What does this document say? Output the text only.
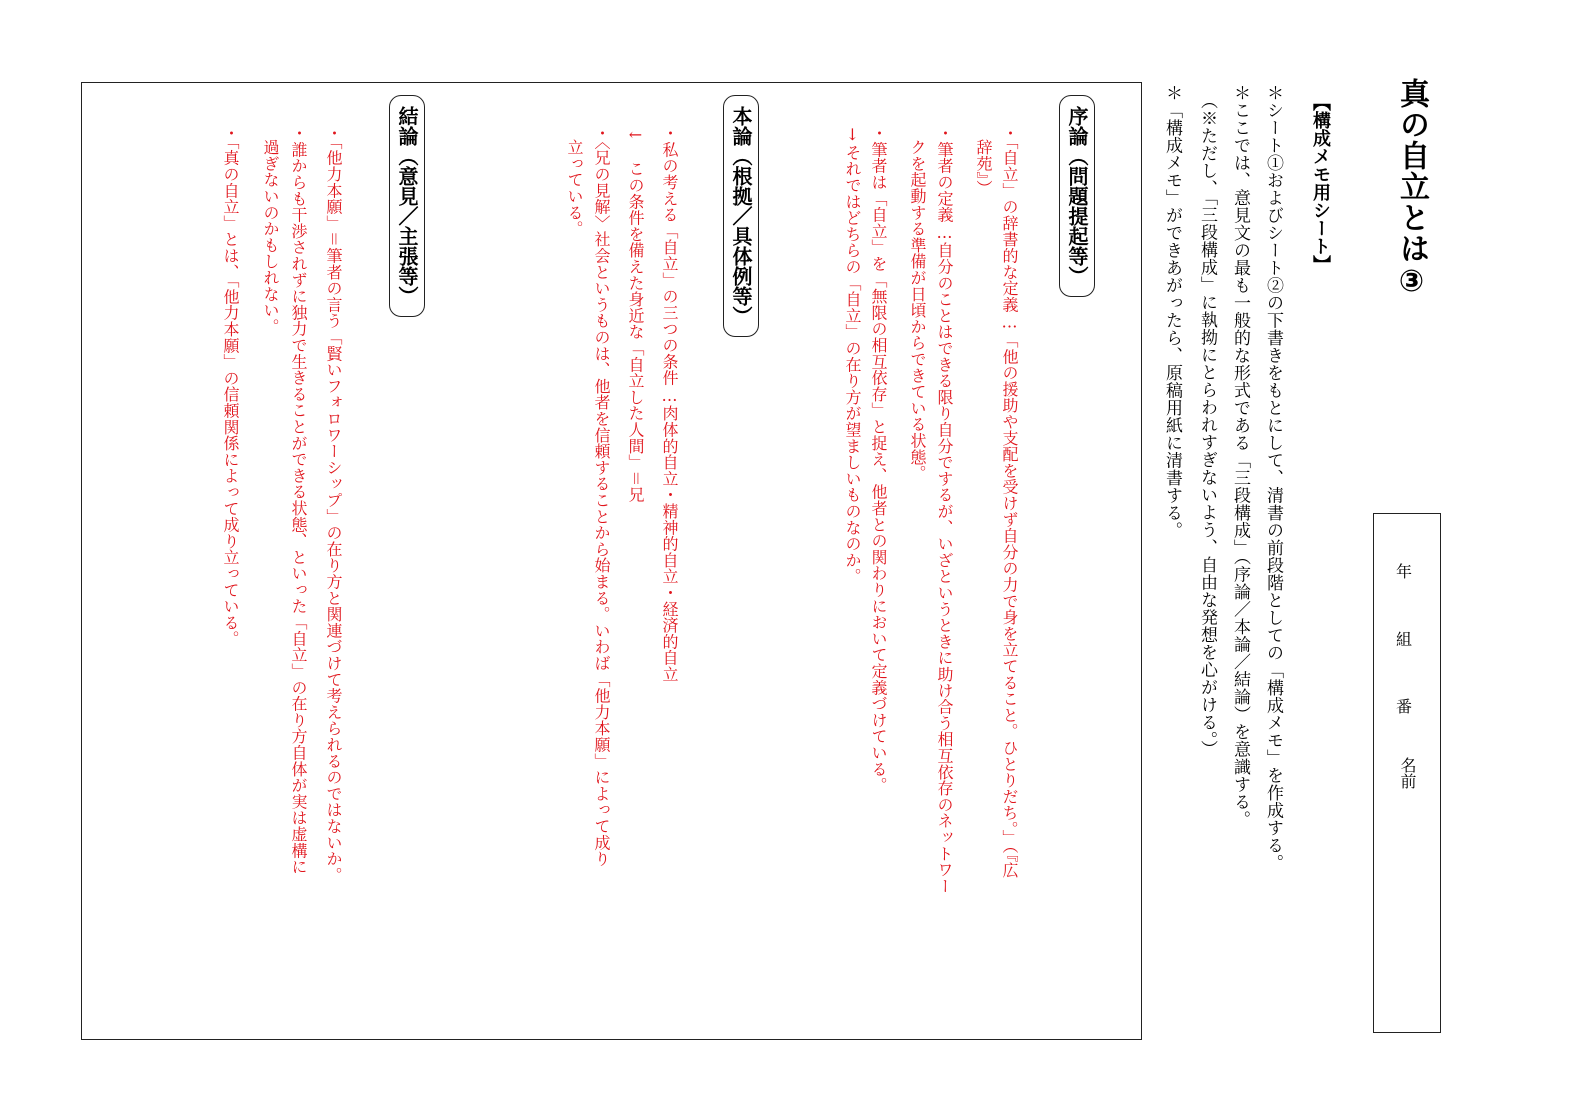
真の自立とは③
【構成メモ用シート】
＊シート①およびシート②の下書きをもとにして、清書の前段階としての「構成メモ」を作成する。
＊ここでは、意見文の最も一般的な形式である「三段構成」（序論／本論／結論）を意識する。
（※ただし、「三段構成」に執拗にとらわれすぎないよう、自由な発想を心がける。）
＊「構成メモ」ができあがったら、原稿用紙に清書する。
年
組
番
名前
序論（問題提起等）
・「自立」の辞書的な定義…「他の援助や支配を受けず自分の力で身を立てること。ひとりだち。」（『広
辞苑』）
・筆者の定義…自分のことはできる限り自分でするが、いざというときに助け合う相互依存のネットワー
クを起動する準備が日頃からできている状態。
・筆者は「自立」を「無限の相互依存」と捉え、他者との関わりにおいて定義づけている。
↓それではどちらの「自立」の在り方が望ましいものなのか。
本論（根拠／具体例等）
・私の考える「自立」の三つの条件…肉体的自立・精神的自立・経済的自立
←　この条件を備えた身近な「自立した人間」＝兄
・〈兄の見解〉社会というものは、他者を信頼することから始まる。いわば「他力本願」によって成り
立っている。
結論（意見／主張等）
・「他力本願」＝筆者の言う「賢いフォロワーシップ」の在り方と関連づけて考えられるのではないか。
・誰からも干渉されずに独力で生きることができる状態、といった「自立」の在り方自体が実は虚構に
過ぎないのかもしれない。
・「真の自立」とは、「他力本願」の信頼関係によって成り立っている。
